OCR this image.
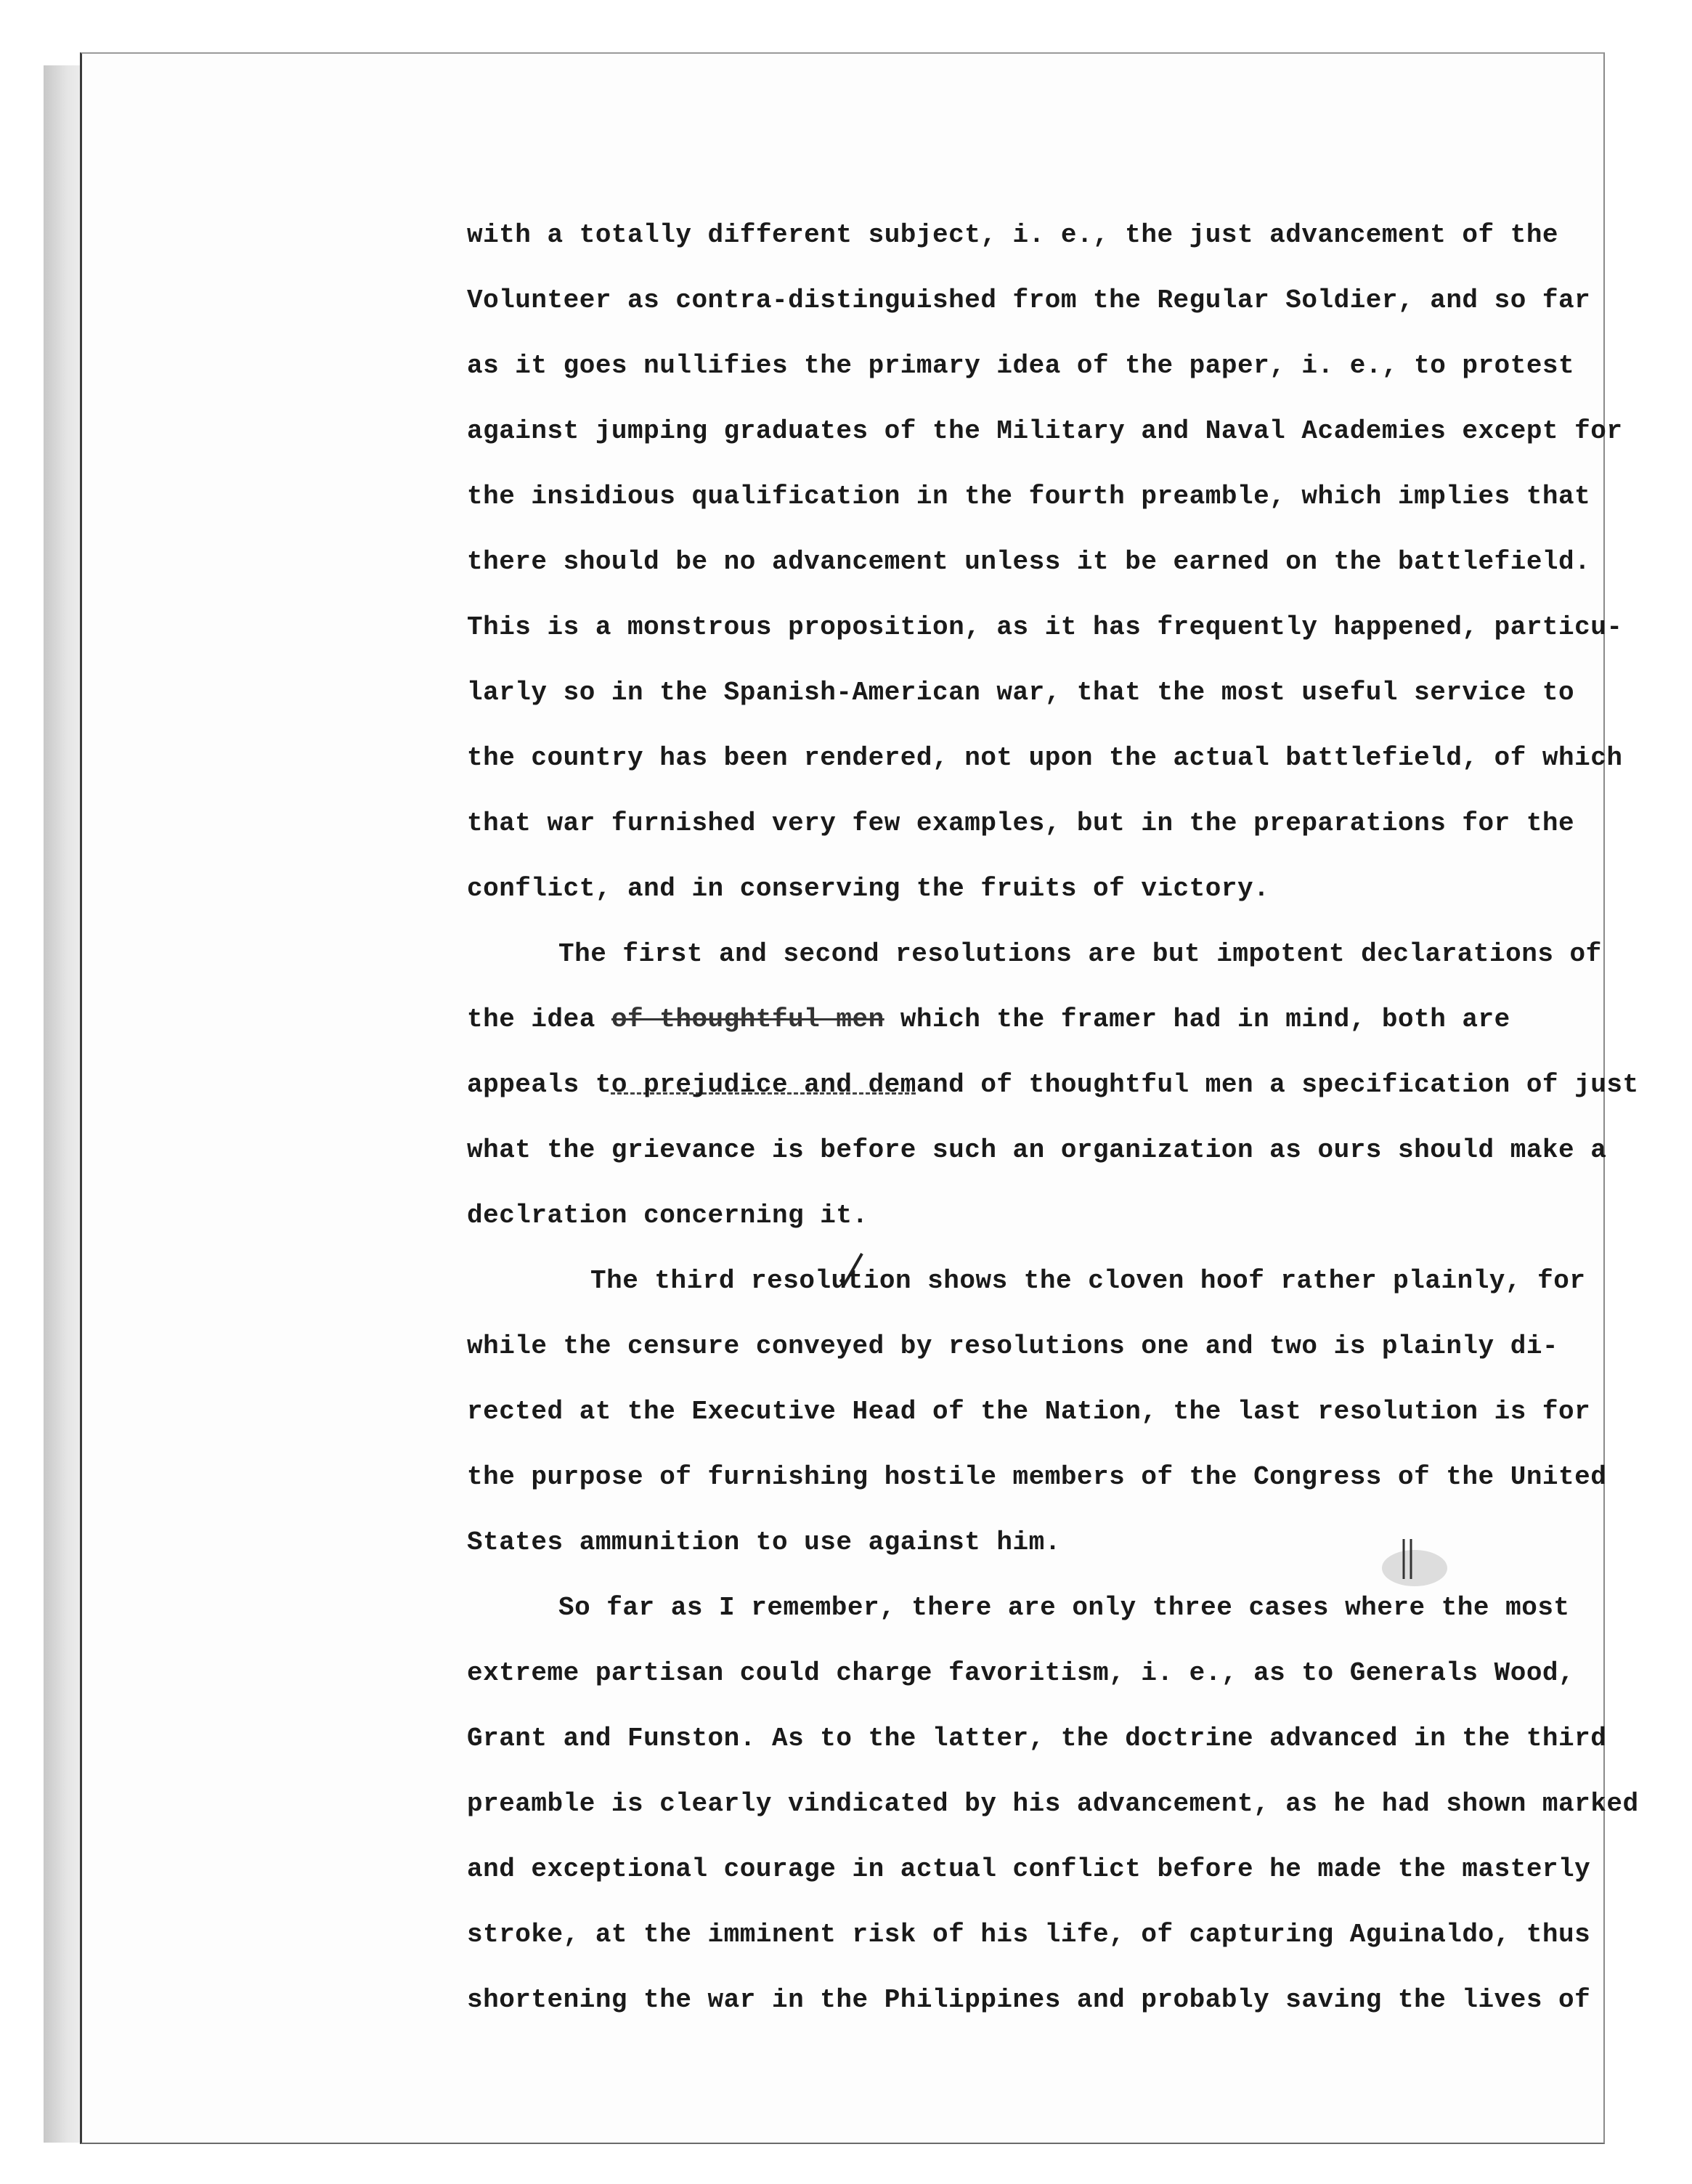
with a totally different subject, i. e., the just advancement of the

Volunteer as contra-distinguished from the Regular Soldier, and so far

as it goes nullifies the primary idea of the paper, i. e., to protest

against jumping graduates of the Military and Naval Academies except for

the insidious qualification in the fourth preamble, which implies that

there should be no advancement unless it be earned on the battlefield.

This is a monstrous proposition, as it has frequently happened, particu-

larly so in the Spanish-American war, that the most useful service to

the country has been rendered, not upon the actual battlefield, of which

that war furnished very few examples, but in the preparations for the

conflict, and in conserving the fruits of victory.

The first and second resolutions are but impotent declarations of

the idea of thoughtful men which the framer had in mind, both are

appeals to prejudice and demand of thoughtful men a specification of just

what the grievance is before such an organization as ours should make a

declration concerning it.

The third resolution shows the cloven hoof rather plainly, for

while the censure conveyed by resolutions one and two is plainly di-

rected at the Executive Head of the Nation, the last resolution is for

the purpose of furnishing hostile members of the Congress of the United

States ammunition to use against him.

So far as I remember, there are only three cases where the most

extreme partisan could charge favoritism, i. e., as to Generals Wood,

Grant and Funston. As to the latter, the doctrine advanced in the third

preamble is clearly vindicated by his advancement, as he had shown marked

and exceptional courage in actual conflict before he made the masterly

stroke, at the imminent risk of his life, of capturing Aguinaldo, thus

shortening the war in the Philippines and probably saving the lives of
